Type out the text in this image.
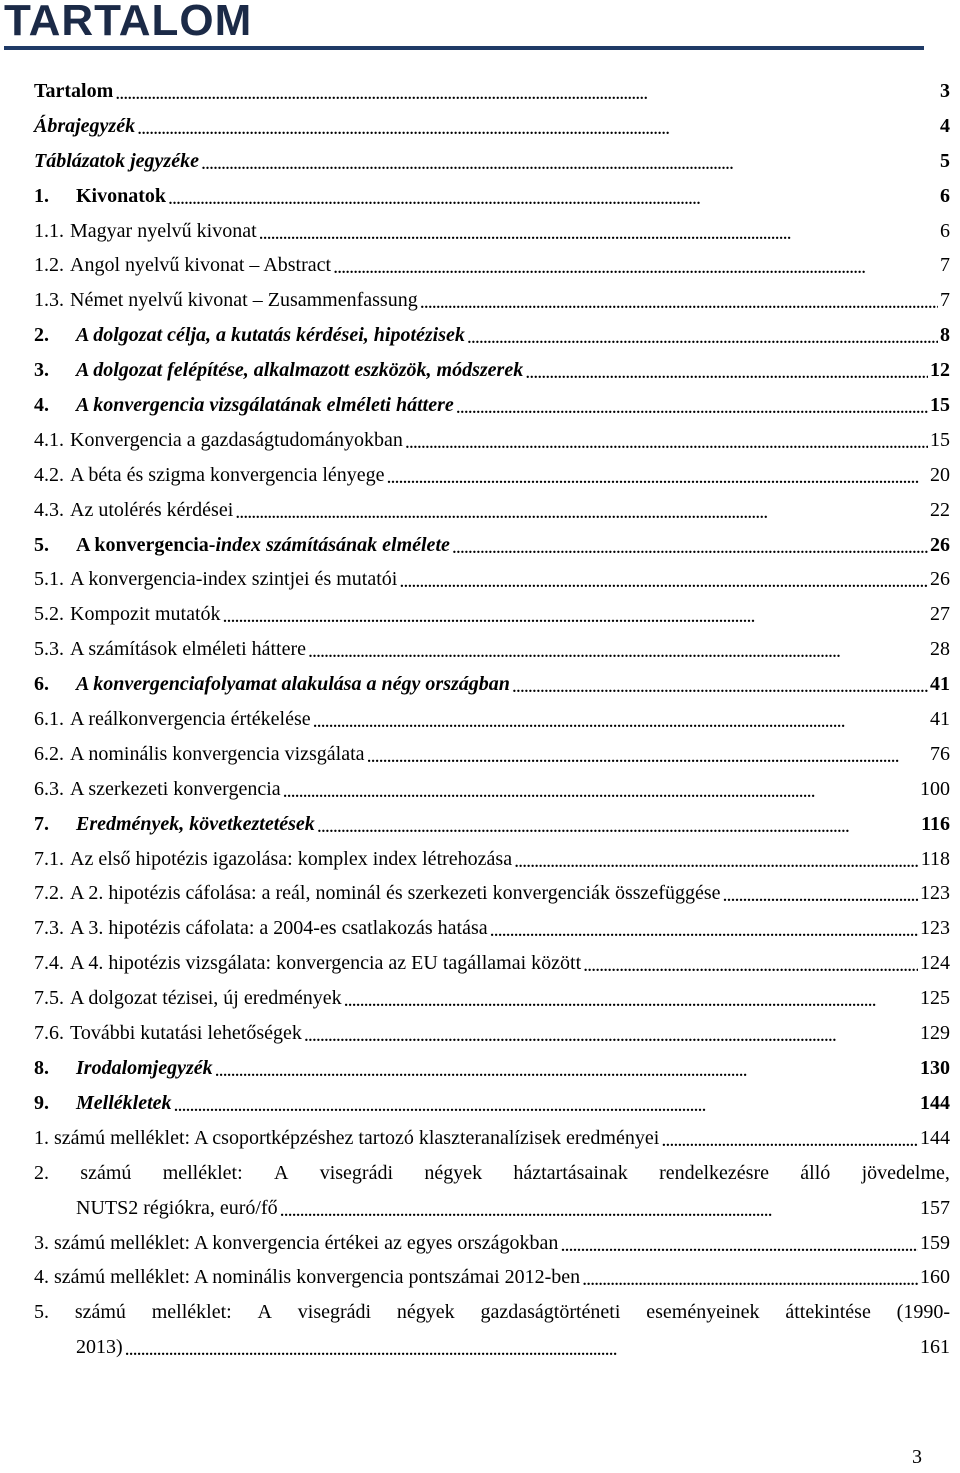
TARTALOM
Tartalom . . .	3
Ábrajegyzék . . .	4
Táblázatok jegyzéke . . .	5
1. Kivonatok . . .	6
1.1. Magyar nyelvű kivonat . . .	6
1.2. Angol nyelvű kivonat – Abstract . . .	7
1.3. Német nyelvű kivonat – Zusammenfassung . . .	7
2. A dolgozat célja, a kutatás kérdései, hipotézisek . . .	8
3. A dolgozat felépítése, alkalmazott eszközök, módszerek . . .	12
4. A konvergencia vizsgálatának elméleti háttere . . .	15
4.1. Konvergencia a gazdaságtudományokban . . .	15
4.2. A béta és szigma konvergencia lényege . . .	20
4.3. Az utolérés kérdései . . .	22
5. A konvergencia-index számításának elmélete . . .	26
5.1. A konvergencia-index szintjei és mutatói . . .	26
5.2. Kompozit mutatók . . .	27
5.3. A számítások elméleti háttere . . .	28
6. A konvergenciafolyamat alakulása a négy országban . . .	41
6.1. A reálkonvergencia értékelése . . .	41
6.2. A nominális konvergencia vizsgálata . . .	76
6.3. A szerkezeti konvergencia . . .	100
7. Eredmények, következtetések . . .	116
7.1. Az első hipotézis igazolása: komplex index létrehozása . . .	118
7.2. A 2. hipotézis cáfolása: a reál, nominál és szerkezeti konvergenciák összefüggése . . .	123
7.3. A 3. hipotézis cáfolata: a 2004-es csatlakozás hatása . . .	123
7.4. A 4. hipotézis vizsgálata: konvergencia az EU tagállamai között . . .	124
7.5. A dolgozat tézisei, új eredmények . . .	125
7.6. További kutatási lehetőségek . . .	129
8. Irodalomjegyzék . . .	130
9. Mellékletek . . .	144
1. számú melléklet: A csoportképzéshez tartozó klaszteranalízisek eredményei . . .	144
2. számú melléklet: A visegrádi négyek háztartásainak rendelkezésre álló jövedelme,
NUTS2 régiókra, euró/fő . . .	157
3. számú melléklet: A konvergencia értékei az egyes országokban . . .	159
4. számú melléklet: A nominális konvergencia pontszámai 2012-ben . . .	160
5. számú melléklet: A visegrádi négyek gazdaságtörténeti eseményeinek áttekintése (1990-
2013) . . .	161
3
